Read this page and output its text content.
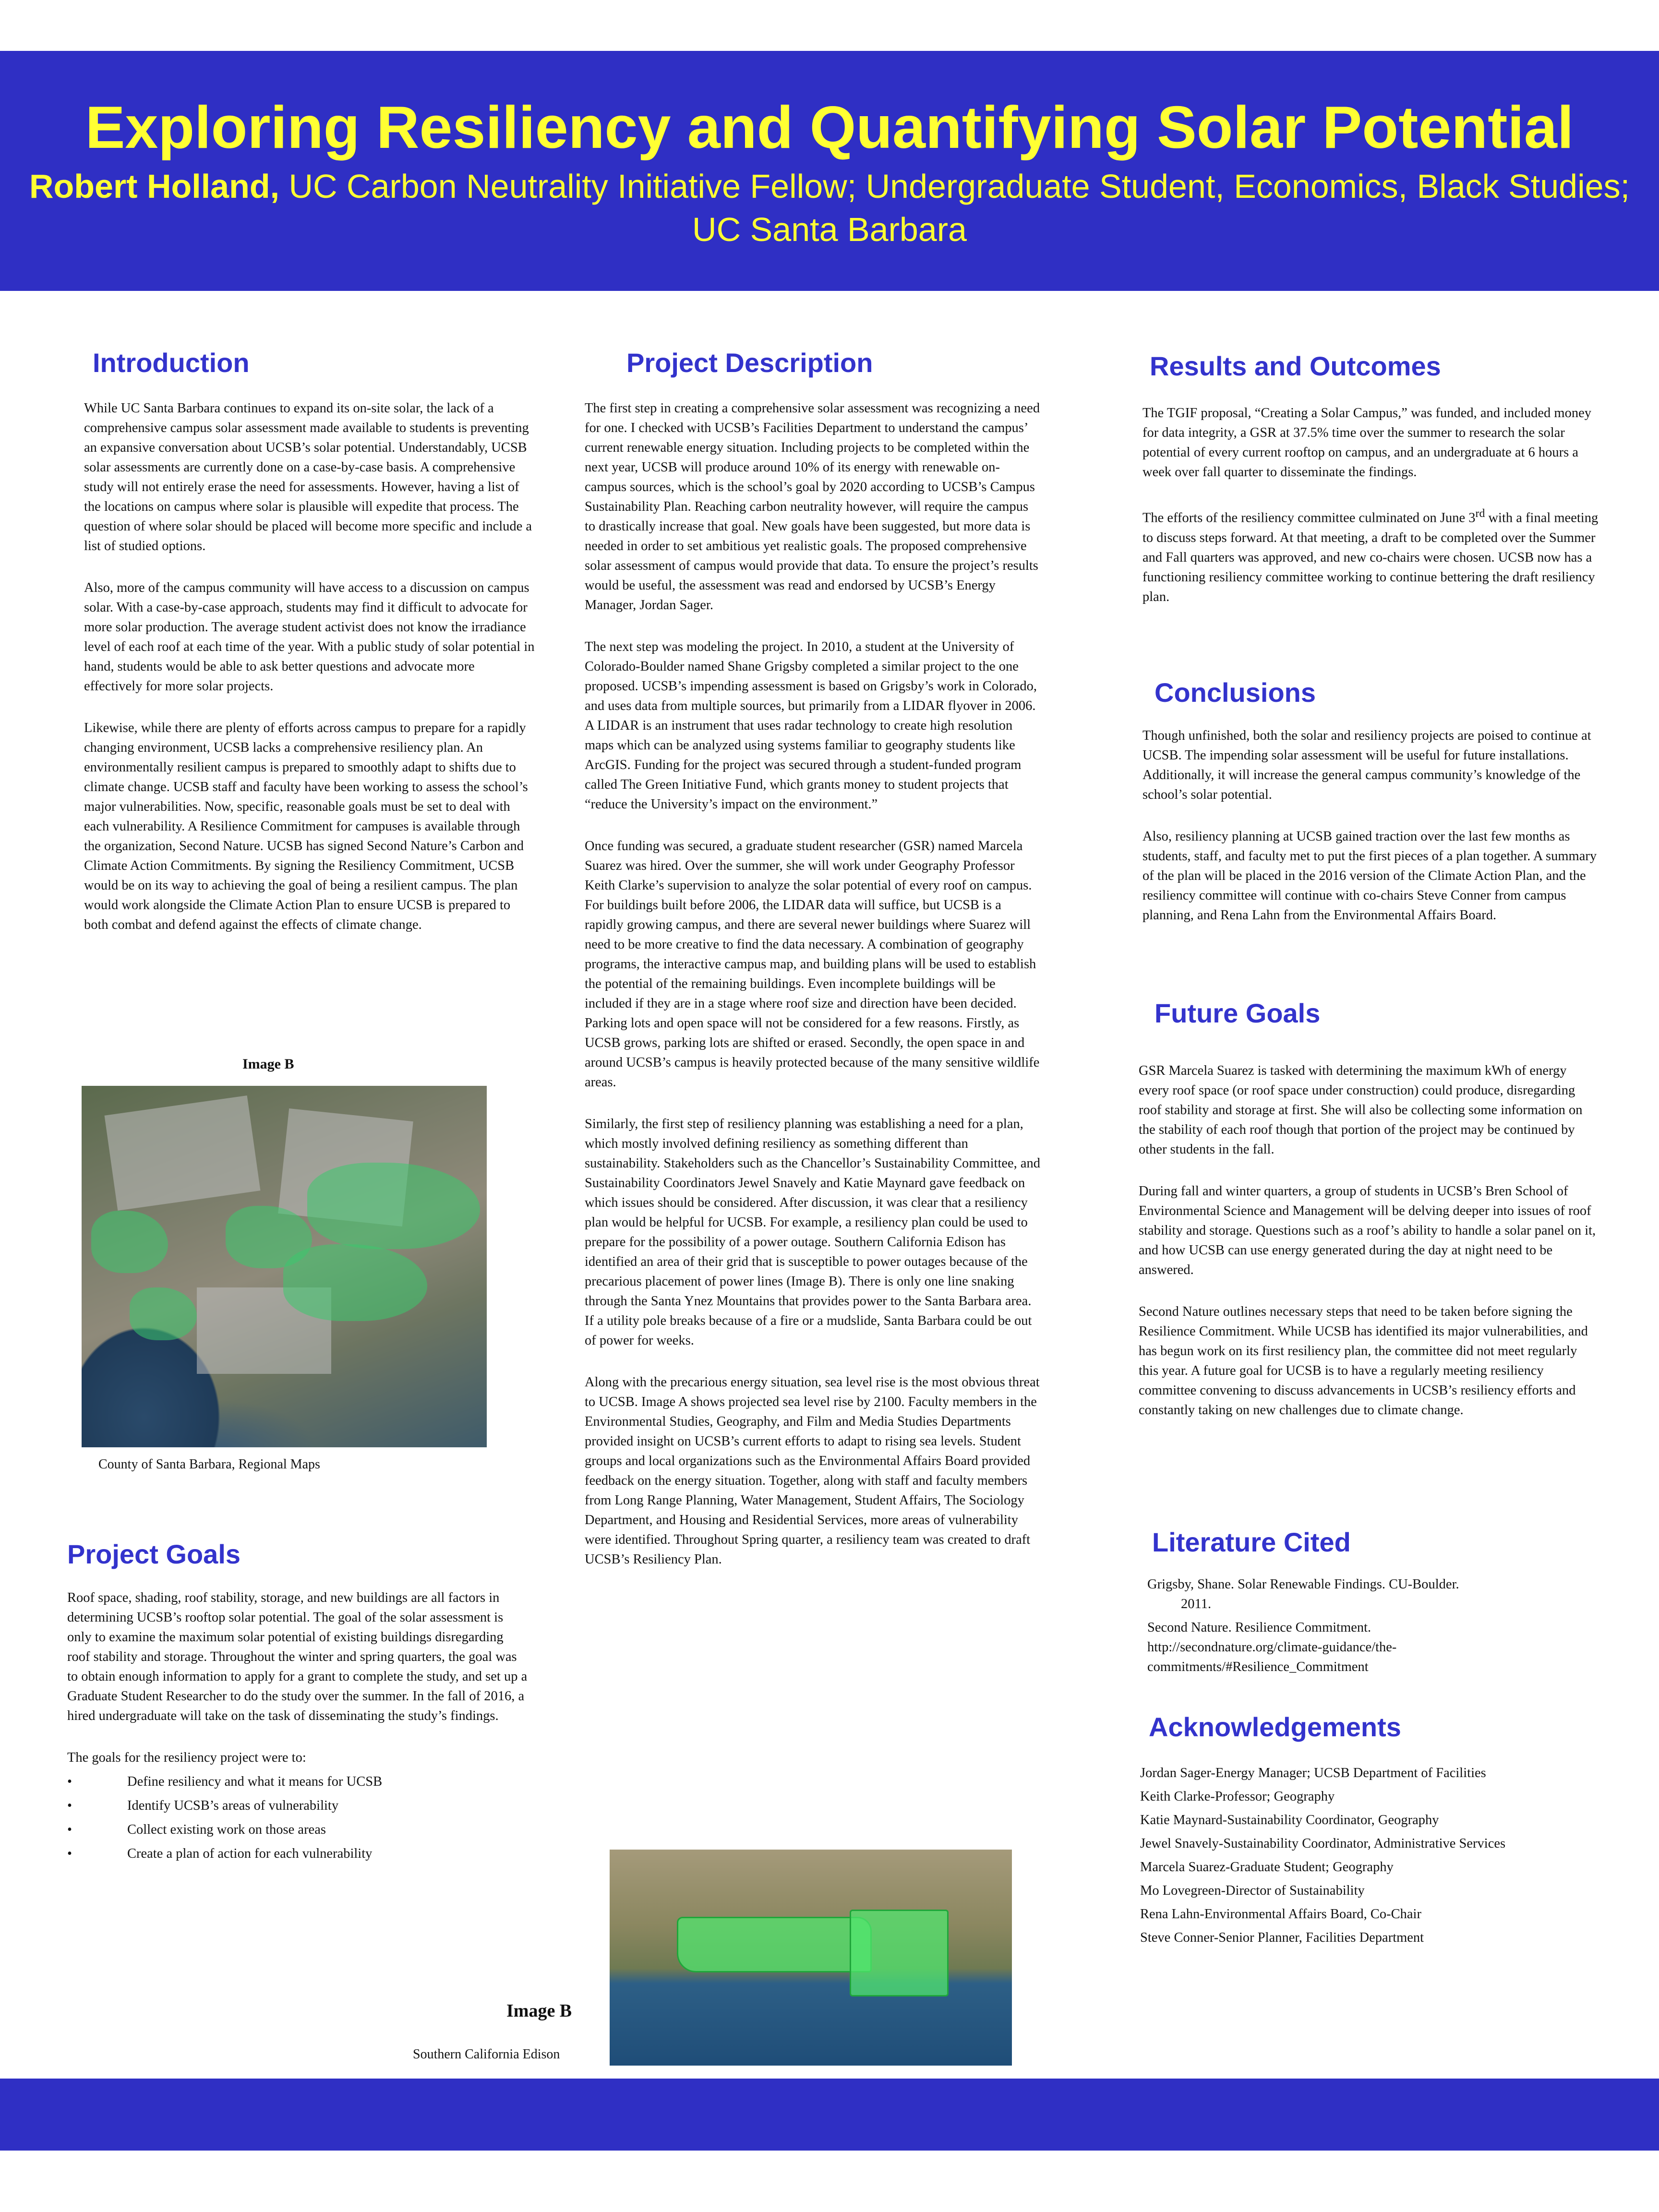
Exploring Resiliency and Quantifying Solar Potential

Robert Holland, UC Carbon Neutrality Initiative Fellow; Undergraduate Student, Economics, Black Studies; UC Santa Barbara

Introduction

While UC Santa Barbara continues to expand its on-site solar, the lack of a comprehensive campus solar assessment made available to students is preventing an expansive conversation about UCSB’s solar potential. Understandably, UCSB solar assessments are currently done on a case-by-case basis. A comprehensive study will not entirely erase the need for assessments. However, having a list of the locations on campus where solar is plausible will expedite that process. The question of where solar should be placed will become more specific and include a list of studied options.

Also, more of the campus community will have access to a discussion on campus solar. With a case-by-case approach, students may find it difficult to advocate for more solar production. The average student activist does not know the irradiance level of each roof at each time of the year. With a public study of solar potential in hand, students would be able to ask better questions and advocate more effectively for more solar projects.

Likewise, while there are plenty of efforts across campus to prepare for a rapidly changing environment, UCSB lacks a comprehensive resiliency plan. An environmentally resilient campus is prepared to smoothly adapt to shifts due to climate change. UCSB staff and faculty have been working to assess the school’s major vulnerabilities. Now, specific, reasonable goals must be set to deal with each vulnerability. A Resilience Commitment for campuses is available through the organization, Second Nature. UCSB has signed Second Nature’s Carbon and Climate Action Commitments. By signing the Resiliency Commitment, UCSB would be on its way to achieving the goal of being a resilient campus. The plan would work alongside the Climate Action Plan to ensure UCSB is prepared to both combat and defend against the effects of climate change.

Image B
County of Santa Barbara, Regional Maps
Project Goals

Roof space, shading, roof stability, storage, and new buildings are all factors in determining UCSB’s rooftop solar potential. The goal of the solar assessment is only to examine the maximum solar potential of existing buildings disregarding roof stability and storage. Throughout the winter and spring quarters, the goal was to obtain enough information to apply for a grant to complete the study, and set up a Graduate Student Researcher to do the study over the summer. In the fall of 2016, a hired undergraduate will take on the task of disseminating the study’s findings.

The goals for the resiliency project were to:

• Define resiliency and what it means for UCSB
• Identify UCSB’s areas of vulnerability
• Collect existing work on those areas
• Create a plan of action for each vulnerability
Project Description

The first step in creating a comprehensive solar assessment was recognizing a need for one. I checked with UCSB’s Facilities Department to understand the campus’ current renewable energy situation. Including projects to be completed within the next year, UCSB will produce around 10% of its energy with renewable on-campus sources, which is the school’s goal by 2020 according to UCSB’s Campus Sustainability Plan. Reaching carbon neutrality however, will require the campus to drastically increase that goal. New goals have been suggested, but more data is needed in order to set ambitious yet realistic goals. The proposed comprehensive solar assessment of campus would provide that data. To ensure the project’s results would be useful, the assessment was read and endorsed by UCSB’s Energy Manager, Jordan Sager.

The next step was modeling the project. In 2010, a student at the University of Colorado-Boulder named Shane Grigsby completed a similar project to the one proposed. UCSB’s impending assessment is based on Grigsby’s work in Colorado, and uses data from multiple sources, but primarily from a LIDAR flyover in 2006. A LIDAR is an instrument that uses radar technology to create high resolution maps which can be analyzed using systems familiar to geography students like ArcGIS. Funding for the project was secured through a student-funded program called The Green Initiative Fund, which grants money to student projects that “reduce the University’s impact on the environment.”

Once funding was secured, a graduate student researcher (GSR) named Marcela Suarez was hired. Over the summer, she will work under Geography Professor Keith Clarke’s supervision to analyze the solar potential of every roof on campus. For buildings built before 2006, the LIDAR data will suffice, but UCSB is a rapidly growing campus, and there are several newer buildings where Suarez will need to be more creative to find the data necessary. A combination of geography programs, the interactive campus map, and building plans will be used to establish the potential of the remaining buildings. Even incomplete buildings will be included if they are in a stage where roof size and direction have been decided. Parking lots and open space will not be considered for a few reasons. Firstly, as UCSB grows, parking lots are shifted or erased. Secondly, the open space in and around UCSB’s campus is heavily protected because of the many sensitive wildlife areas.

Similarly, the first step of resiliency planning was establishing a need for a plan, which mostly involved defining resiliency as something different than sustainability. Stakeholders such as the Chancellor’s Sustainability Committee, and Sustainability Coordinators Jewel Snavely and Katie Maynard gave feedback on which issues should be considered. After discussion, it was clear that a resiliency plan would be helpful for UCSB. For example, a resiliency plan could be used to prepare for the possibility of a power outage. Southern California Edison has identified an area of their grid that is susceptible to power outages because of the precarious placement of power lines (Image B). There is only one line snaking through the Santa Ynez Mountains that provides power to the Santa Barbara area. If a utility pole breaks because of a fire or a mudslide, Santa Barbara could be out of power for weeks.

Along with the precarious energy situation, sea level rise is the most obvious threat to UCSB. Image A shows projected sea level rise by 2100. Faculty members in the Environmental Studies, Geography, and Film and Media Studies Departments provided insight on UCSB’s current efforts to adapt to rising sea levels. Student groups and local organizations such as the Environmental Affairs Board provided feedback on the energy situation. Together, along with staff and faculty members from Long Range Planning, Water Management, Student Affairs, The Sociology Department, and Housing and Residential Services, more areas of vulnerability were identified. Throughout Spring quarter, a resiliency team was created to draft UCSB’s Resiliency Plan.

Image B
Southern California Edison
Results and Outcomes

The TGIF proposal, “Creating a Solar Campus,” was funded, and included money for data integrity, a GSR at 37.5% time over the summer to research the solar potential of every current rooftop on campus, and an undergraduate at 6 hours a week over fall quarter to disseminate the findings.

The efforts of the resiliency committee culminated on June 3rd with a final meeting to discuss steps forward. At that meeting, a draft to be completed over the Summer and Fall quarters was approved, and new co-chairs were chosen. UCSB now has a functioning resiliency committee working to continue bettering the draft resiliency plan.

Conclusions

Though unfinished, both the solar and resiliency projects are poised to continue at UCSB. The impending solar assessment will be useful for future installations. Additionally, it will increase the general campus community’s knowledge of the school’s solar potential.

Also, resiliency planning at UCSB gained traction over the last few months as students, staff, and faculty met to put the first pieces of a plan together. A summary of the plan will be placed in the 2016 version of the Climate Action Plan, and the resiliency committee will continue with co-chairs Steve Conner from campus planning, and Rena Lahn from the Environmental Affairs Board.

Future Goals

GSR Marcela Suarez is tasked with determining the maximum kWh of energy every roof space (or roof space under construction) could produce, disregarding roof stability and storage at first. She will also be collecting some information on the stability of each roof though that portion of the project may be continued by other students in the fall.

During fall and winter quarters, a group of students in UCSB’s Bren School of Environmental Science and Management will be delving deeper into issues of roof stability and storage. Questions such as a roof’s ability to handle a solar panel on it, and how UCSB can use energy generated during the day at night need to be answered.

Second Nature outlines necessary steps that need to be taken before signing the Resilience Commitment. While UCSB has identified its major vulnerabilities, and has begun work on its first resiliency plan, the committee did not meet regularly this year. A future goal for UCSB is to have a regularly meeting resiliency committee convening to discuss advancements in UCSB’s resiliency efforts and constantly taking on new challenges due to climate change.

Literature Cited

Grigsby, Shane. Solar Renewable Findings. CU-Boulder.
2011.

Second Nature. Resilience Commitment.
http://secondnature.org/climate-guidance/the-
commitments/#Resilience_Commitment

Acknowledgements
Jordan Sager-Energy Manager; UCSB Department of Facilities
Keith Clarke-Professor; Geography
Katie Maynard-Sustainability Coordinator, Geography
Jewel Snavely-Sustainability Coordinator, Administrative Services
Marcela Suarez-Graduate Student; Geography
Mo Lovegreen-Director of Sustainability
Rena Lahn-Environmental Affairs Board, Co-Chair
Steve Conner-Senior Planner, Facilities Department
